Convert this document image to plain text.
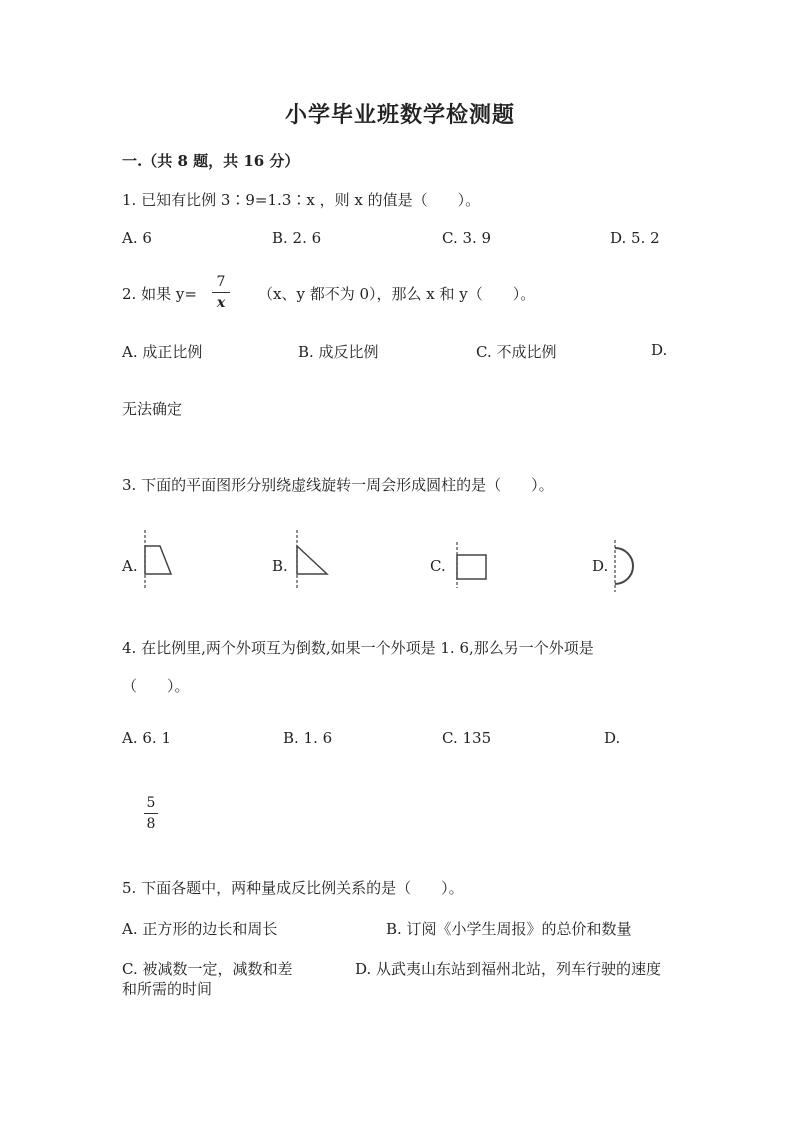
小学毕业班数学检测题
一.（共 8 题，共 16 分）
1. 已知有比例 3∶9=1.3∶x ，则 x 的值是（　　）。
A. 6	B. 2. 6	C. 3. 9	D. 5. 2
2. 如果 y=
7
x	（x、y 都不为 0），那么 x 和 y（　　）。
A. 成正比例	B. 成反比例	C. 不成比例	D.
无法确定
3. 下面的平面图形分别绕虚线旋转一周会形成圆柱的是（　　）。
A.	B.	C.	D.
4. 在比例里,两个外项互为倒数,如果一个外项是 1. 6,那么另一个外项是
（　　）。
A. 6. 1	B. 1. 6	C. 135	D.
5
8
5. 下面各题中，两种量成反比例关系的是（　　）。
A. 正方形的边长和周长	B. 订阅《小学生周报》的总价和数量
C. 被减数一定，减数和差	D. 从武夷山东站到福州北站，列车行驶的速度
和所需的时间
